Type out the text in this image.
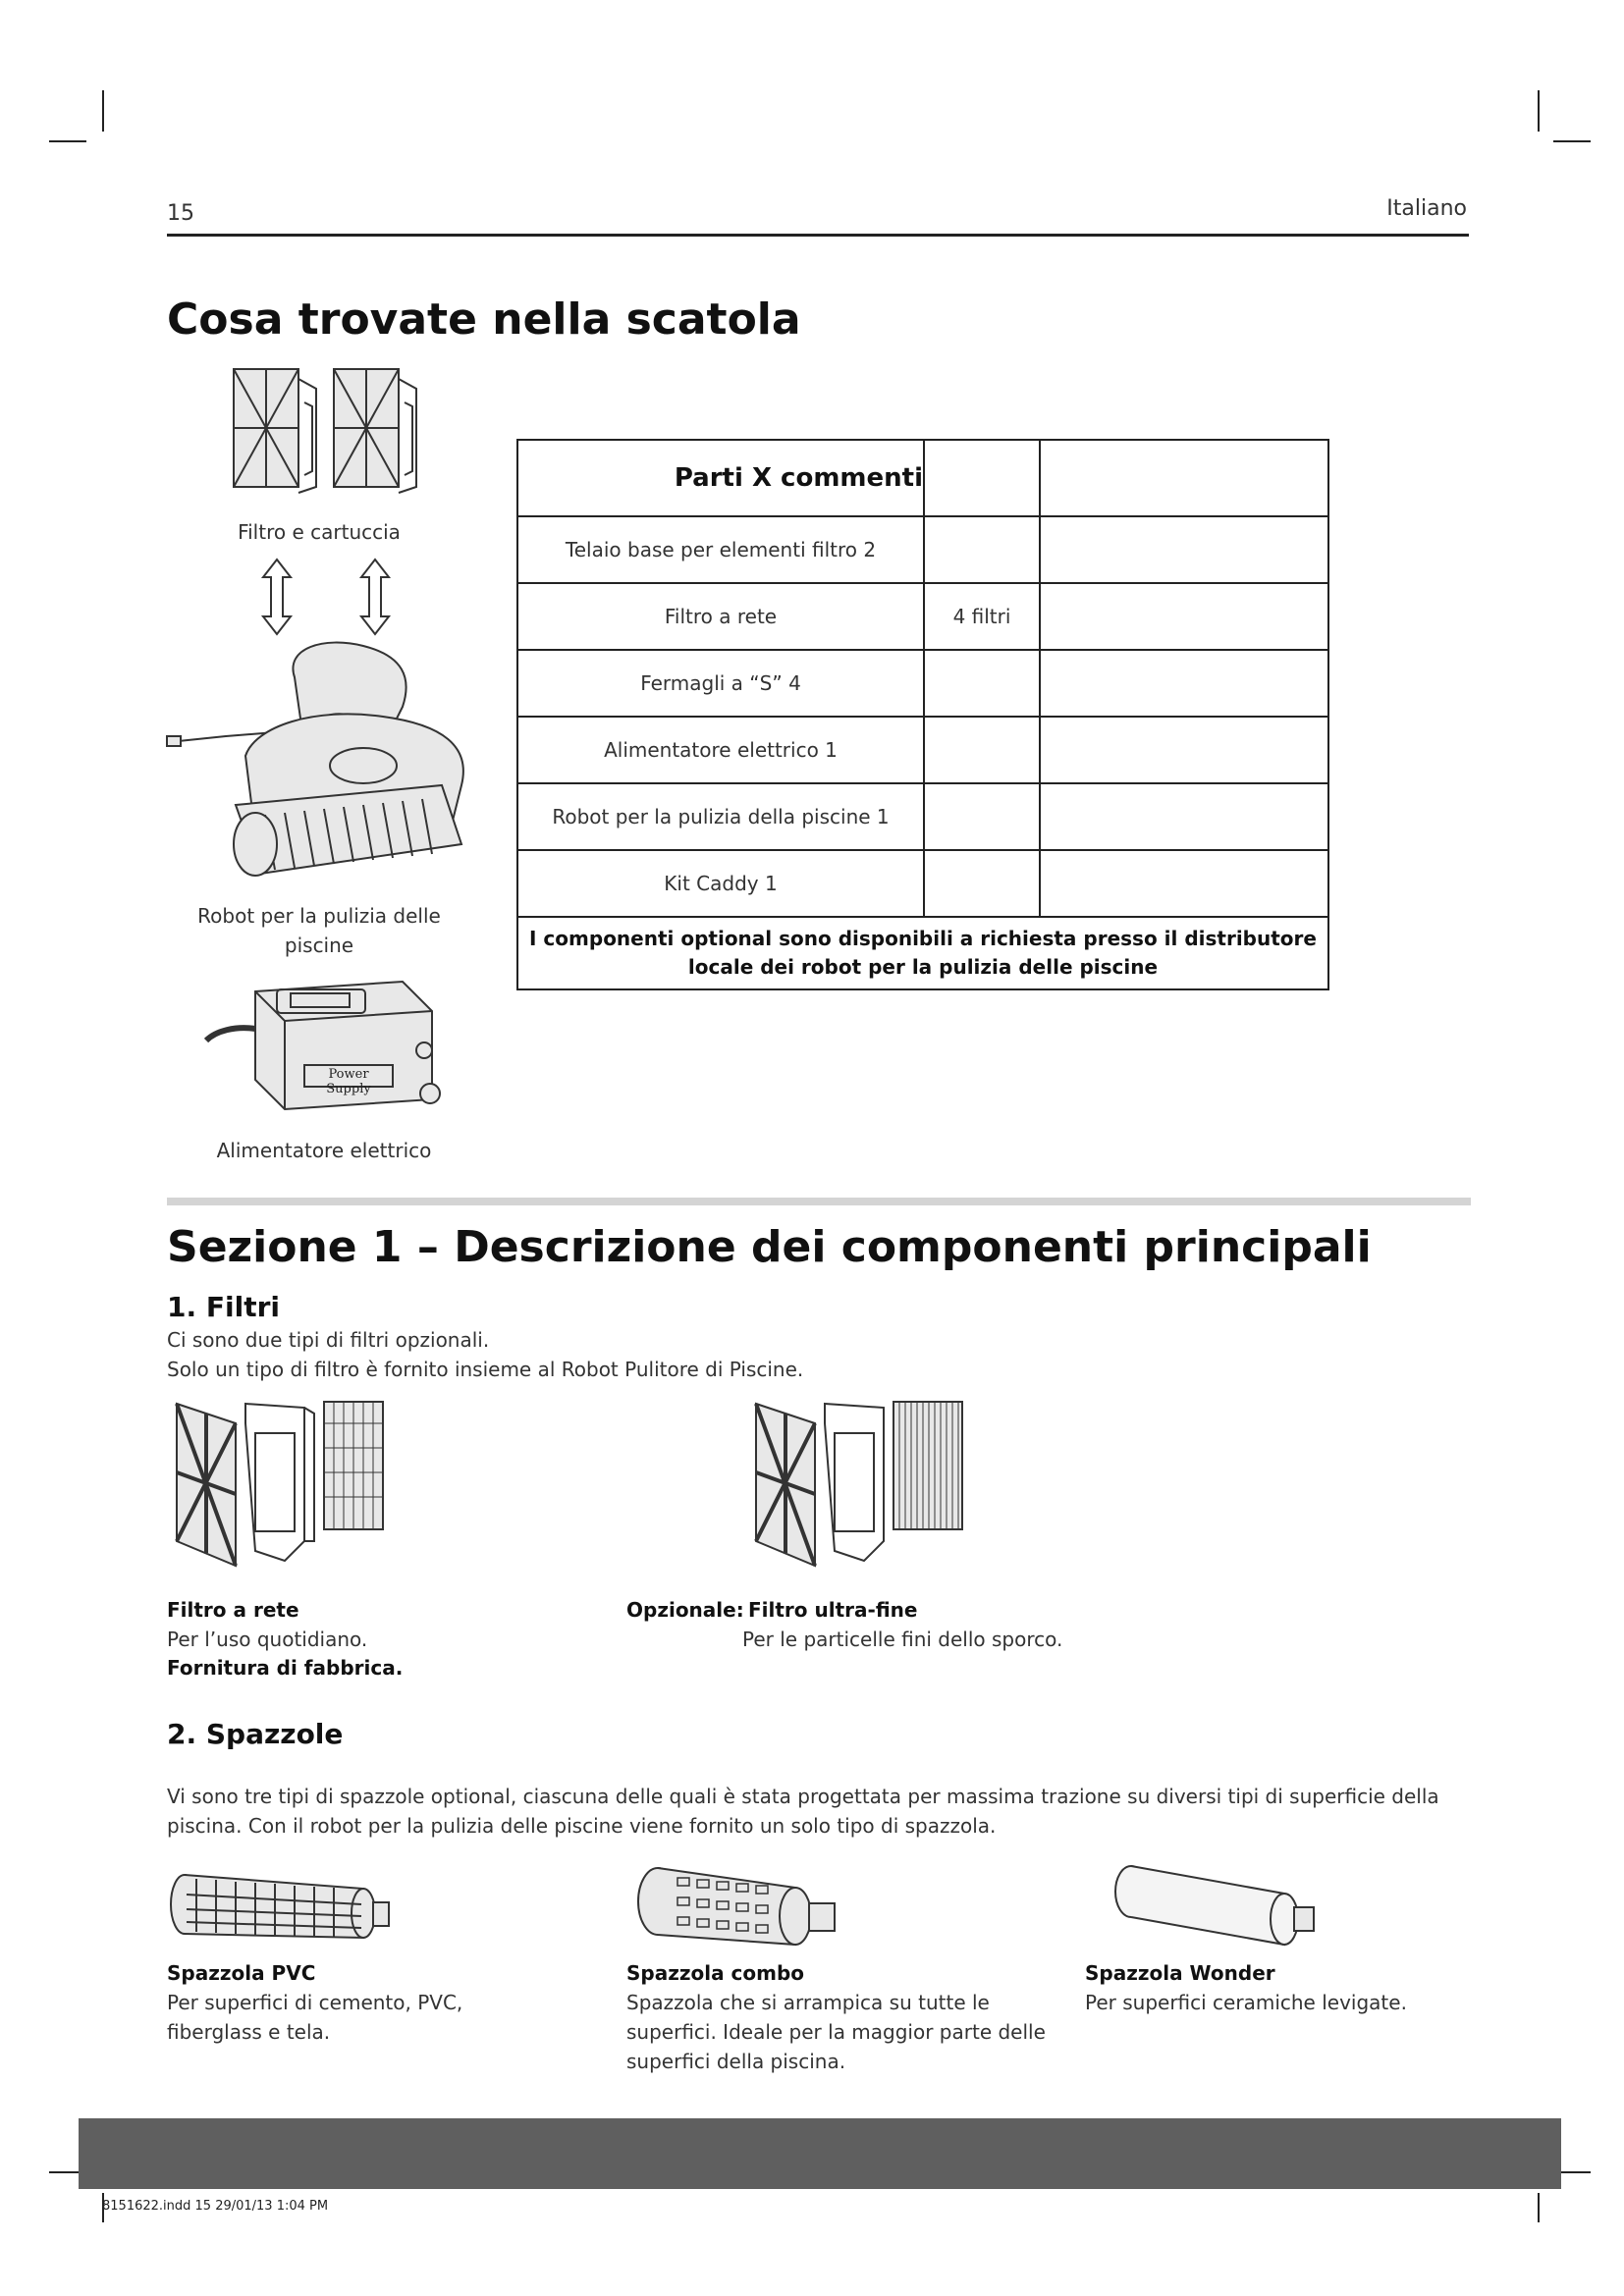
15	Italiano
Cosa trovate nella scatola
Filtro e cartuccia
Robot per la pulizia delle piscine
Power Supply
Alimentatore elettrico
Parti X commenti		
Telaio base per elementi filtro 2		
Filtro a rete	4 filtri	
Fermagli a “S” 4		
Alimentatore elettrico 1		
Robot per la pulizia della piscine 1		
Kit Caddy 1		

I componenti optional sono disponibili a richiesta presso il distributore
locale dei robot per la pulizia delle piscine		
Sezione 1 – Descrizione dei componenti principali
1. Filtri
Ci sono due tipi di filtri opzionali.
Solo un tipo di filtro è fornito insieme al Robot Pulitore di Piscine.
Filtro a rete
Per l’uso quotidiano.
Fornitura di fabbrica.
Opzionale: Filtro ultra-fine
Per le particelle fini dello sporco.
2. Spazzole
Vi sono tre tipi di spazzole optional, ciascuna delle quali è stata progettata per massima trazione su diversi tipi di superficie della
piscina. Con il robot per la pulizia delle piscine viene fornito un solo tipo di spazzola.
Spazzola PVC
Per superfici di cemento, PVC,
fiberglass e tela.
Spazzola combo
Spazzola che si arrampica su tutte le
superfici. Ideale per la maggior parte delle
superfici della piscina.
Spazzola Wonder
Per superfici ceramiche levigate.
8151622.indd 15 29/01/13 1:04 PM
